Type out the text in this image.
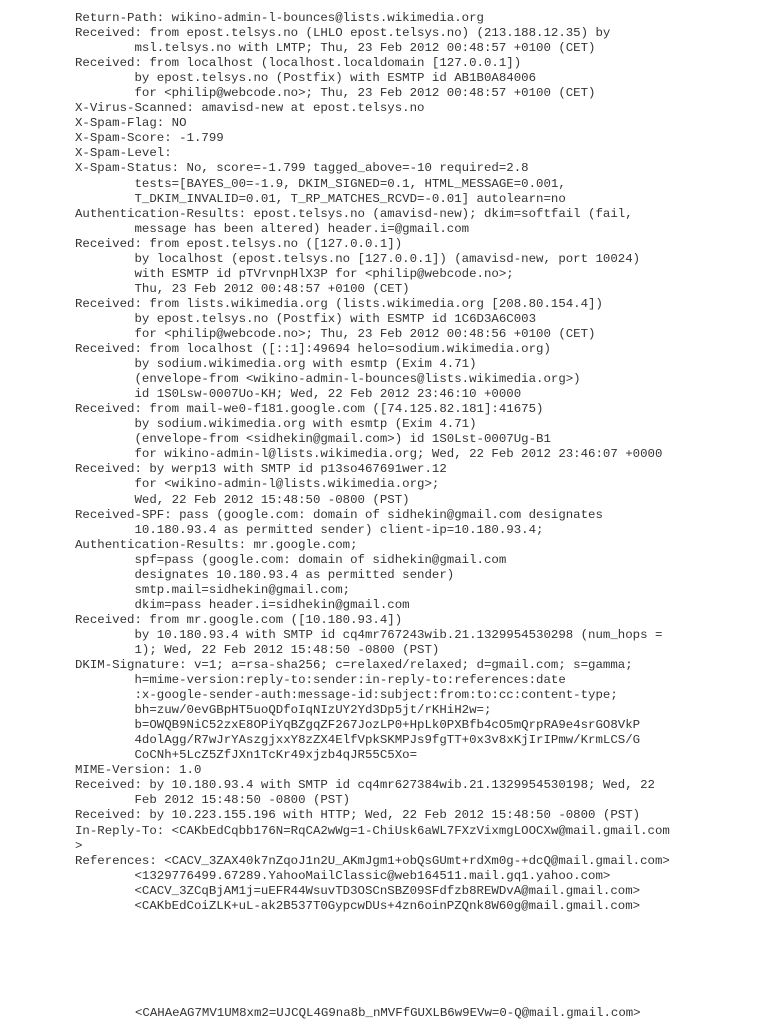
Return-Path: wikino-admin-l-bounces@lists.wikimedia.org
Received: from epost.telsys.no (LHLO epost.telsys.no) (213.188.12.35) by
msl.telsys.no with LMTP; Thu, 23 Feb 2012 00:48:57 +0100 (CET)
Received: from localhost (localhost.localdomain [127.0.0.1])
by epost.telsys.no (Postfix) with ESMTP id AB1B0A84006
for <philip@webcode.no>; Thu, 23 Feb 2012 00:48:57 +0100 (CET)
X-Virus-Scanned: amavisd-new at epost.telsys.no
X-Spam-Flag: NO
X-Spam-Score: -1.799
X-Spam-Level:
X-Spam-Status: No, score=-1.799 tagged_above=-10 required=2.8
tests=[BAYES_00=-1.9, DKIM_SIGNED=0.1, HTML_MESSAGE=0.001,
T_DKIM_INVALID=0.01, T_RP_MATCHES_RCVD=-0.01] autolearn=no
Authentication-Results: epost.telsys.no (amavisd-new); dkim=softfail (fail,
message has been altered) header.i=@gmail.com
Received: from epost.telsys.no ([127.0.0.1])
by localhost (epost.telsys.no [127.0.0.1]) (amavisd-new, port 10024)
with ESMTP id pTVrvnpHlX3P for <philip@webcode.no>;
Thu, 23 Feb 2012 00:48:57 +0100 (CET)
Received: from lists.wikimedia.org (lists.wikimedia.org [208.80.154.4])
by epost.telsys.no (Postfix) with ESMTP id 1C6D3A6C003
for <philip@webcode.no>; Thu, 23 Feb 2012 00:48:56 +0100 (CET)
Received: from localhost ([::1]:49694 helo=sodium.wikimedia.org)
by sodium.wikimedia.org with esmtp (Exim 4.71)
(envelope-from <wikino-admin-l-bounces@lists.wikimedia.org>)
id 1S0Lsw-0007Uo-KH; Wed, 22 Feb 2012 23:46:10 +0000
Received: from mail-we0-f181.google.com ([74.125.82.181]:41675)
by sodium.wikimedia.org with esmtp (Exim 4.71)
(envelope-from <sidhekin@gmail.com>) id 1S0Lst-0007Ug-B1
for wikino-admin-l@lists.wikimedia.org; Wed, 22 Feb 2012 23:46:07 +0000
Received: by werp13 with SMTP id p13so467691wer.12
for <wikino-admin-l@lists.wikimedia.org>;
Wed, 22 Feb 2012 15:48:50 -0800 (PST)
Received-SPF: pass (google.com: domain of sidhekin@gmail.com designates
10.180.93.4 as permitted sender) client-ip=10.180.93.4;
Authentication-Results: mr.google.com;
spf=pass (google.com: domain of sidhekin@gmail.com
designates 10.180.93.4 as permitted sender)
smtp.mail=sidhekin@gmail.com;
dkim=pass header.i=sidhekin@gmail.com
Received: from mr.google.com ([10.180.93.4])
by 10.180.93.4 with SMTP id cq4mr767243wib.21.1329954530298 (num_hops =
1); Wed, 22 Feb 2012 15:48:50 -0800 (PST)
DKIM-Signature: v=1; a=rsa-sha256; c=relaxed/relaxed; d=gmail.com; s=gamma;
h=mime-version:reply-to:sender:in-reply-to:references:date
:x-google-sender-auth:message-id:subject:from:to:cc:content-type;
bh=zuw/0evGBpHT5uoQDfoIqNIzUY2Yd3Dp5jt/rKHiH2w=;
b=OWQB9NiC52zxE8OPiYqBZgqZF267JozLP0+HpLk0PXBfb4cO5mQrpRA9e4srGO8VkP
4dolAgg/R7wJrYAszgjxxY8zZX4ElfVpkSKMPJs9fgTT+0x3v8xKjIrIPmw/KrmLCS/G
CoCNh+5LcZ5ZfJXn1TcKr49xjzb4qJR55C5Xo=
MIME-Version: 1.0
Received: by 10.180.93.4 with SMTP id cq4mr627384wib.21.1329954530198; Wed, 22
Feb 2012 15:48:50 -0800 (PST)
Received: by 10.223.155.196 with HTTP; Wed, 22 Feb 2012 15:48:50 -0800 (PST)
In-Reply-To: <CAKbEdCqbb176N=RqCA2wWg=1-ChiUsk6aWL7FXzVixmgLOOCXw@mail.gmail.com
>
References: <CACV_3ZAX40k7nZqoJ1n2U_AKmJgm1+obQsGUmt+rdXm0g-+dcQ@mail.gmail.com>
<1329776499.67289.YahooMailClassic@web164511.mail.gq1.yahoo.com>
<CACV_3ZCqBjAM1j=uEFR44WsuvTD3OSCnSBZ09SFdfzb8REWDvA@mail.gmail.com>
<CAKbEdCoiZLK+uL-ak2B537T0GypcwDUs+4zn6oinPZQnk8W60g@mail.gmail.com>
<CAHAeAG7MV1UM8xm2=UJCQL4G9na8b_nMVFfGUXLB6w9EVw=0-Q@mail.gmail.com>
